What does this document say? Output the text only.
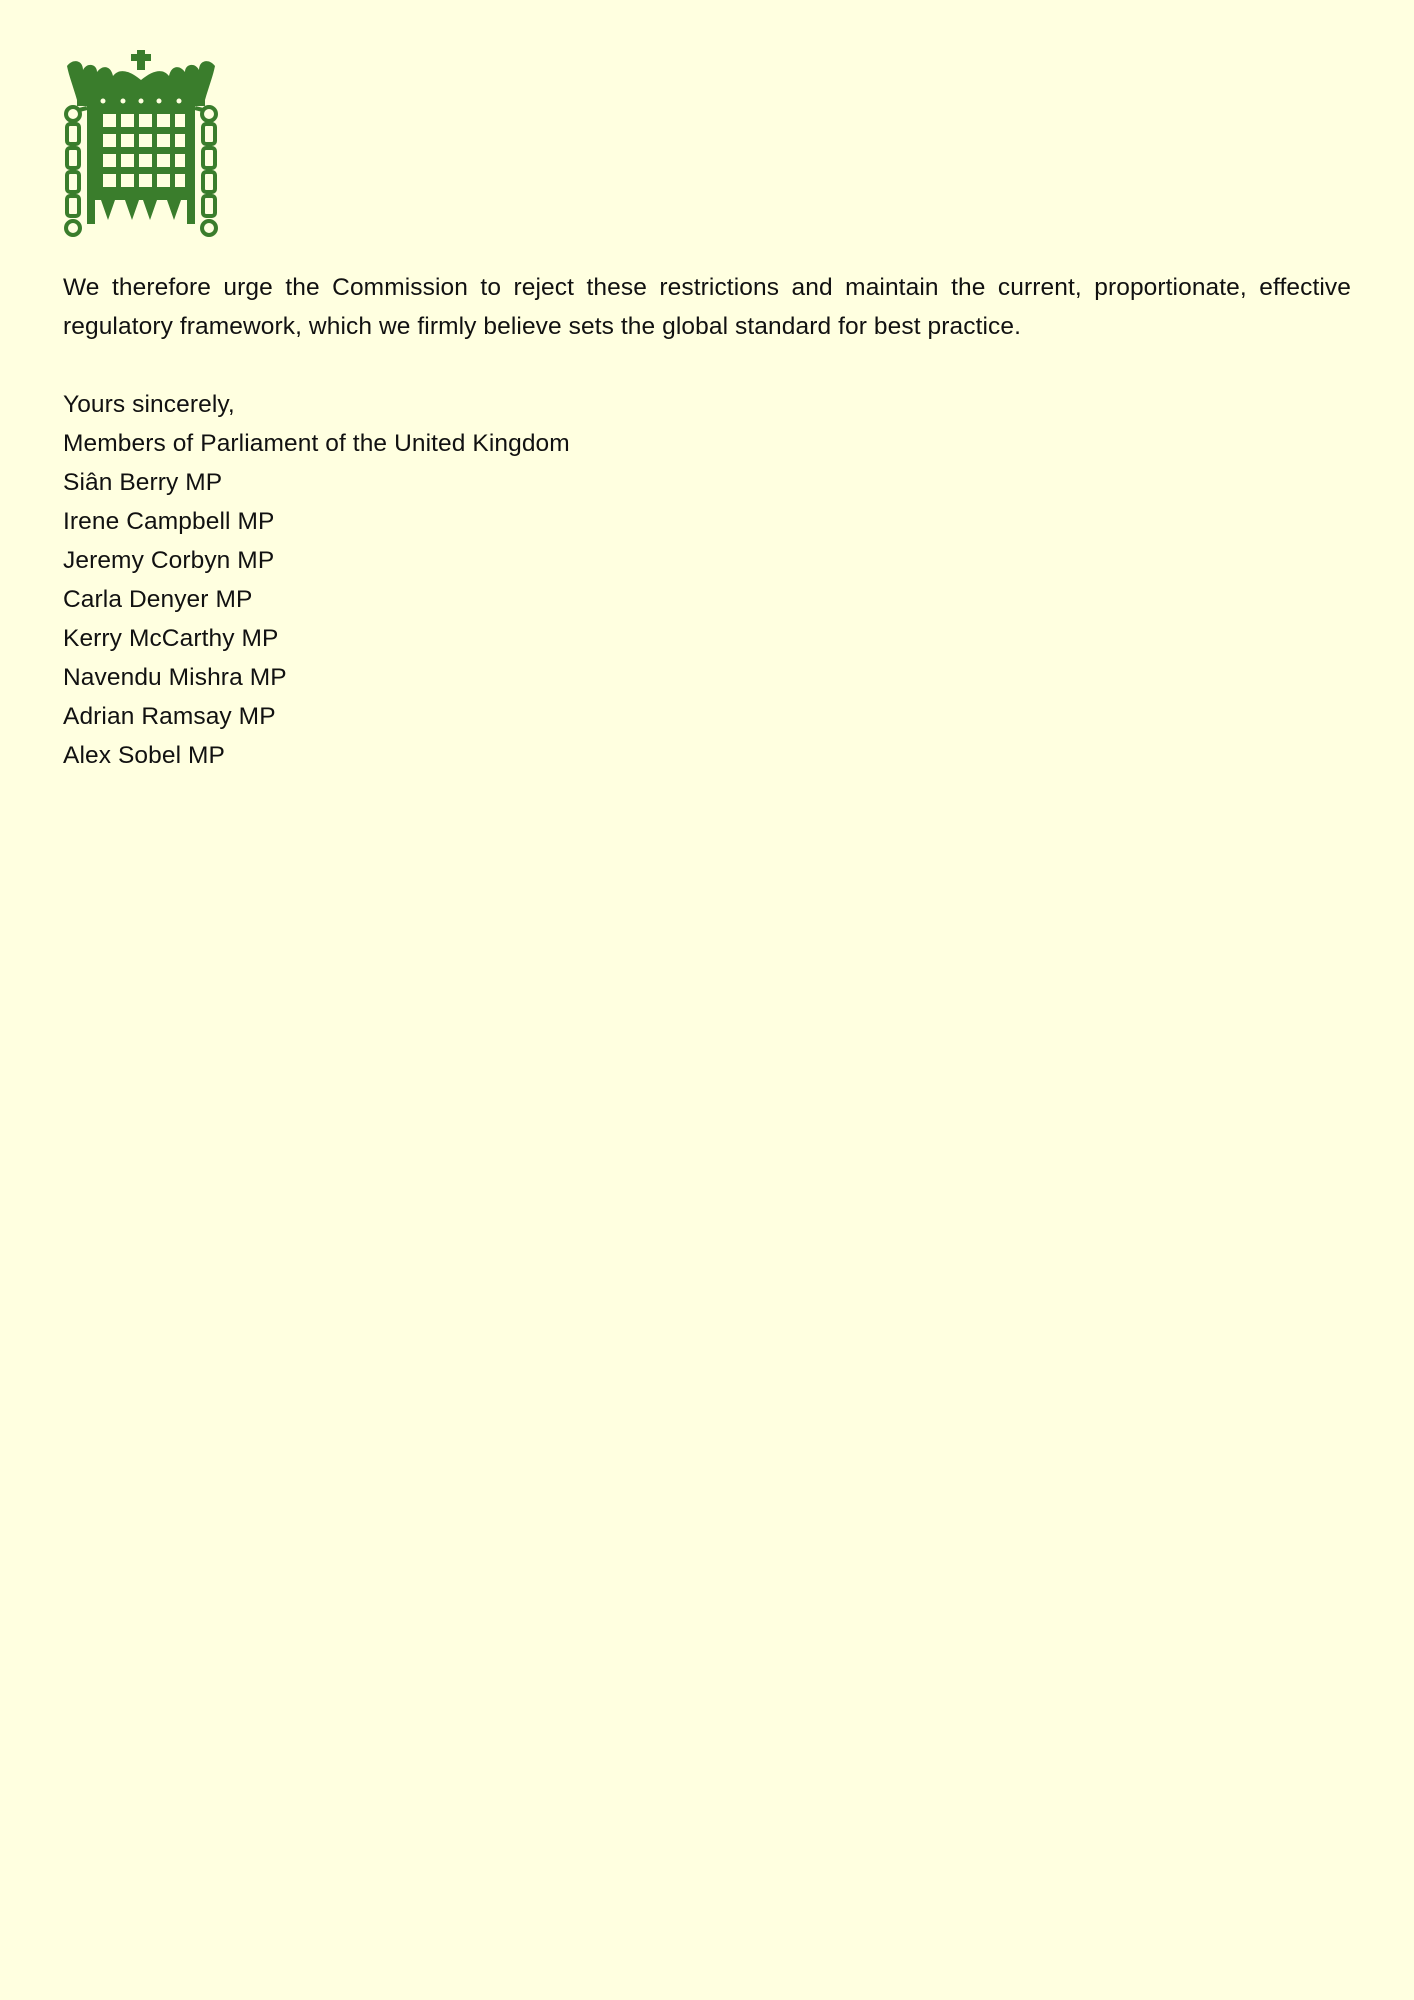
We therefore urge the Commission to reject these restrictions and maintain the current, proportionate, effective regulatory framework, which we firmly believe sets the global standard for best practice.

Yours sincerely,
Members of Parliament of the United Kingdom
Siân Berry MP
Irene Campbell MP
Jeremy Corbyn MP
Carla Denyer MP
Kerry McCarthy MP
Navendu Mishra MP
Adrian Ramsay MP
Alex Sobel MP
